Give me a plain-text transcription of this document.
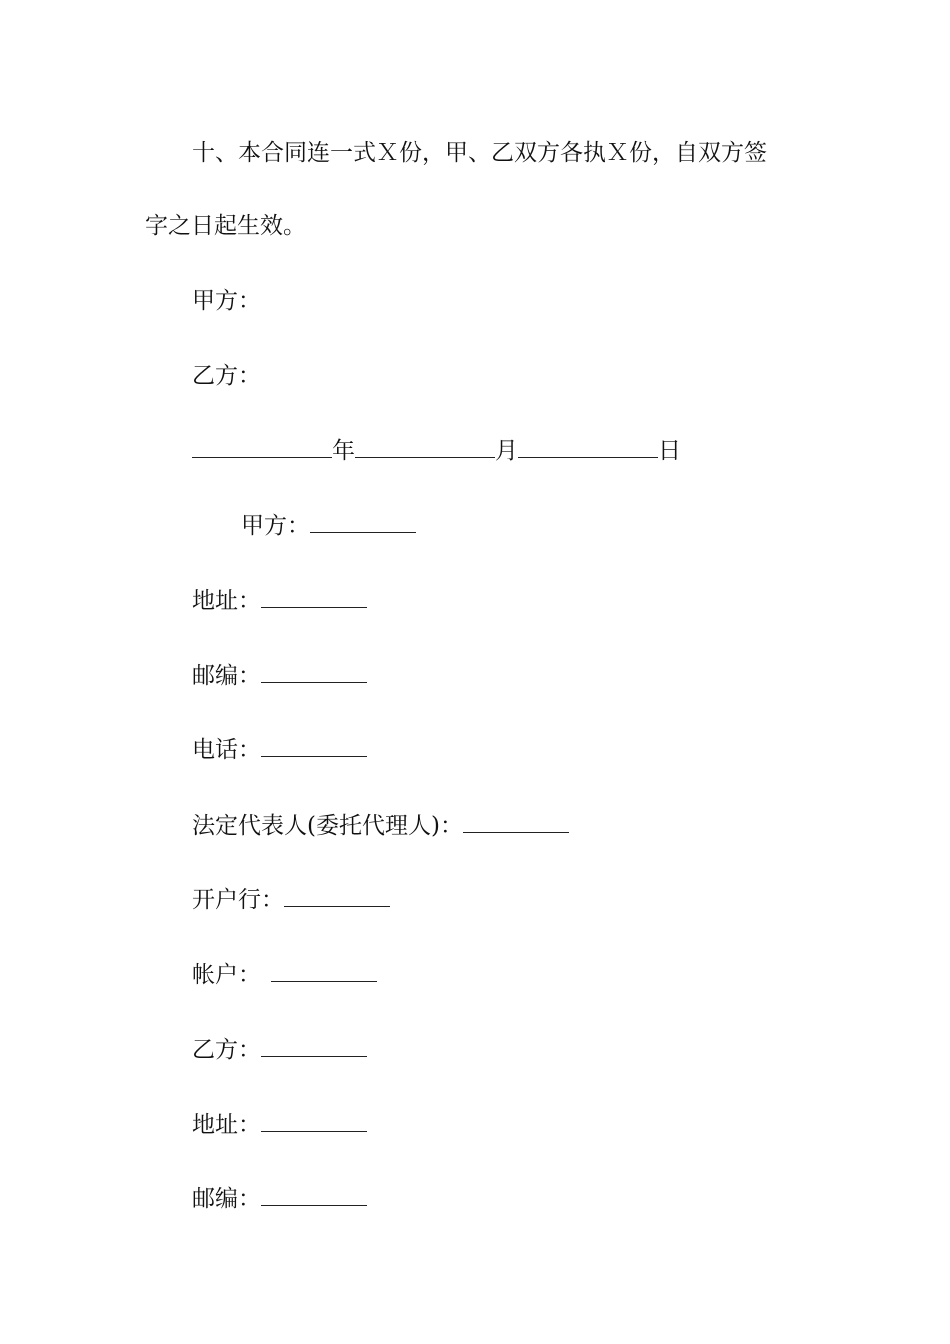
十、本合同连一式Ｘ份，甲、乙双方各执Ｘ份，自双方签
字之日起生效。
甲方：
乙方：
年	月	日
甲方：
地址：
邮编：
电话：
法定代表人(委托代理人)：
开户行：
帐户：
乙方：
地址：
邮编：
